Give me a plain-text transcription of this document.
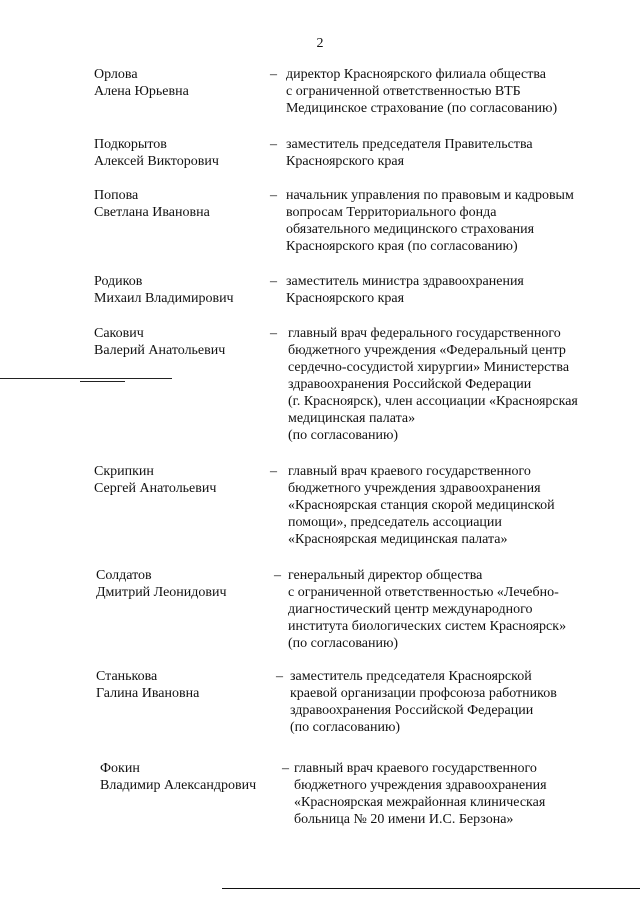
2
Орлова
Алена Юрьевна
– директор Красноярского филиала общества
с ограниченной ответственностью ВТБ
Медицинское страхование (по согласованию)
Подкорытов
Алексей Викторович
– заместитель председателя Правительства
Красноярского края
Попова
Светлана Ивановна
– начальник управления по правовым и кадровым
вопросам Территориального фонда
обязательного медицинского страхования
Красноярского края (по согласованию)
Родиков
Михаил Владимирович
– заместитель министра здравоохранения
Красноярского края
Сакович
Валерий Анатольевич
– главный врач федерального государственного
бюджетного учреждения «Федеральный центр
сердечно-сосудистой хирургии» Министерства
здравоохранения Российской Федерации
(г. Красноярск), член ассоциации «Красноярская
медицинская палата»
(по согласованию)
Скрипкин
Сергей Анатольевич
– главный врач краевого государственного
бюджетного учреждения здравоохранения
«Красноярская станция скорой медицинской
помощи», председатель ассоциации
«Красноярская медицинская палата»
Солдатов
Дмитрий Леонидович
– генеральный директор общества
с ограниченной ответственностью «Лечебно-
диагностический центр международного
института биологических систем Красноярск»
(по согласованию)
Станькова
Галина Ивановна
– заместитель председателя Красноярской
краевой организации профсоюза работников
здравоохранения Российской Федерации
(по согласованию)
Фокин
Владимир Александрович
– главный врач краевого государственного
бюджетного учреждения здравоохранения
«Красноярская межрайонная клиническая
больница № 20 имени И.С. Берзона»
